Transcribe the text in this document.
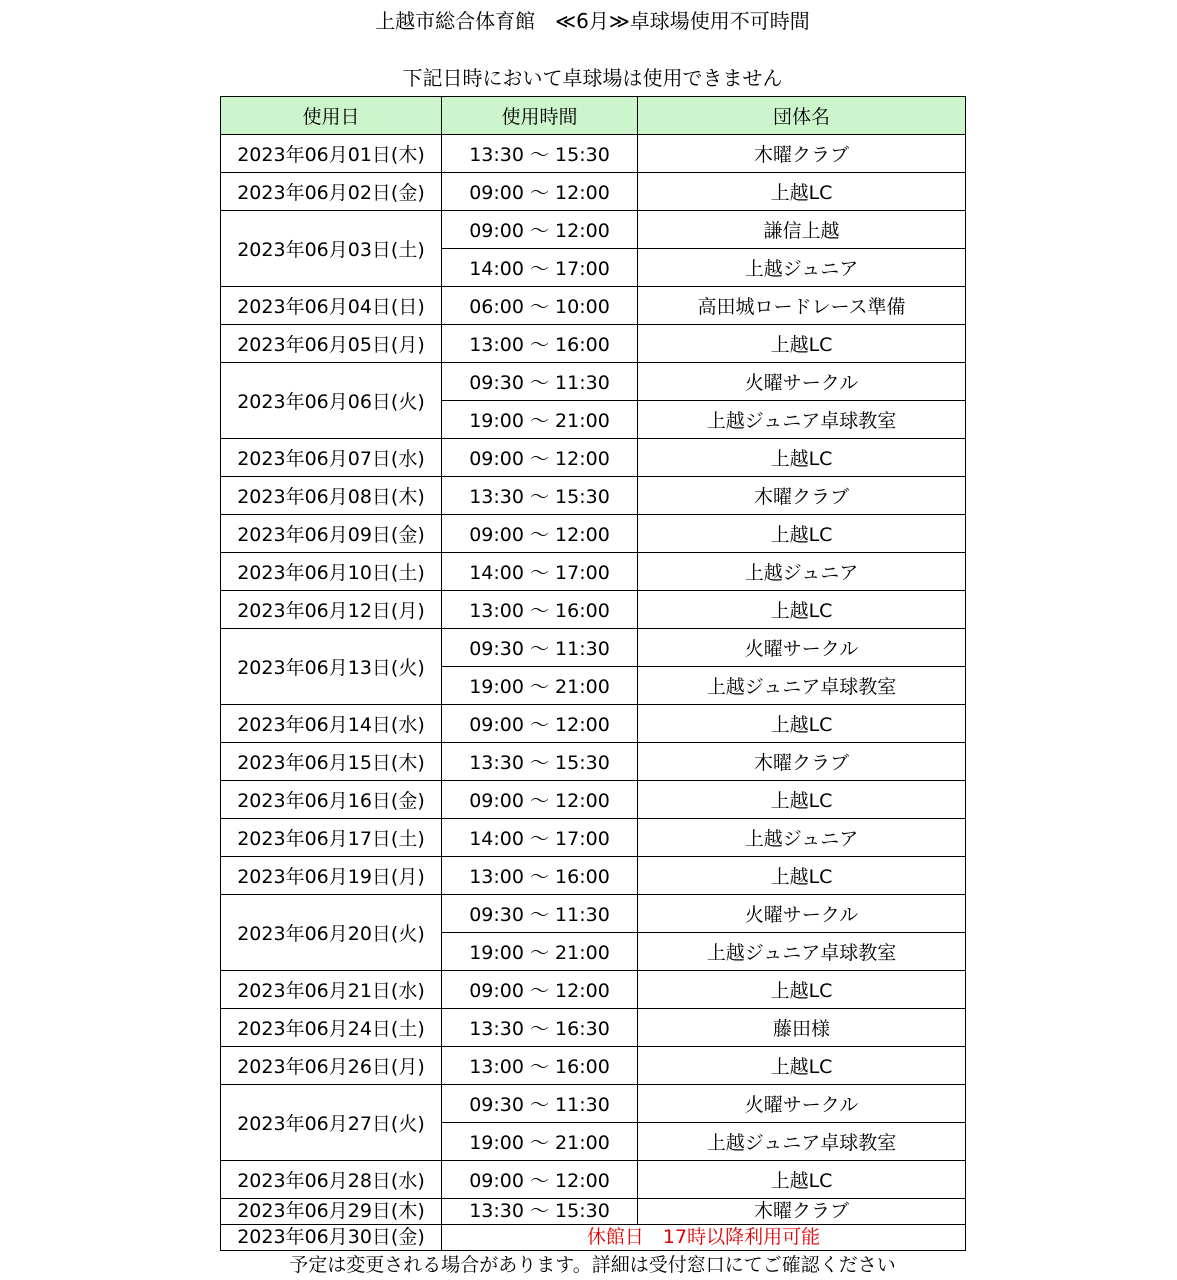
上越市総合体育館　≪6月≫卓球場使用不可時間
下記日時において卓球場は使用できません
使用日	使用時間	団体名
2023年06月01日(木)	13:30 ～ 15:30	木曜クラブ
2023年06月02日(金)	09:00 ～ 12:00	上越LC
2023年06月03日(土)	09:00 ～ 12:00	謙信上越
	14:00 ～ 17:00	上越ジュニア
2023年06月04日(日)	06:00 ～ 10:00	高田城ロードレース準備
2023年06月05日(月)	13:00 ～ 16:00	上越LC
2023年06月06日(火)	09:30 ～ 11:30	火曜サークル
	19:00 ～ 21:00	上越ジュニア卓球教室
2023年06月07日(水)	09:00 ～ 12:00	上越LC
2023年06月08日(木)	13:30 ～ 15:30	木曜クラブ
2023年06月09日(金)	09:00 ～ 12:00	上越LC
2023年06月10日(土)	14:00 ～ 17:00	上越ジュニア
2023年06月12日(月)	13:00 ～ 16:00	上越LC
2023年06月13日(火)	09:30 ～ 11:30	火曜サークル
	19:00 ～ 21:00	上越ジュニア卓球教室
2023年06月14日(水)	09:00 ～ 12:00	上越LC
2023年06月15日(木)	13:30 ～ 15:30	木曜クラブ
2023年06月16日(金)	09:00 ～ 12:00	上越LC
2023年06月17日(土)	14:00 ～ 17:00	上越ジュニア
2023年06月19日(月)	13:00 ～ 16:00	上越LC
2023年06月20日(火)	09:30 ～ 11:30	火曜サークル
	19:00 ～ 21:00	上越ジュニア卓球教室
2023年06月21日(水)	09:00 ～ 12:00	上越LC
2023年06月24日(土)	13:30 ～ 16:30	藤田様
2023年06月26日(月)	13:00 ～ 16:00	上越LC
2023年06月27日(火)	09:30 ～ 11:30	火曜サークル
	19:00 ～ 21:00	上越ジュニア卓球教室
2023年06月28日(水)	09:00 ～ 12:00	上越LC
2023年06月29日(木)	13:30 ～ 15:30	木曜クラブ
2023年06月30日(金)	休館日　17時以降利用可能	
予定は変更される場合があります。詳細は受付窓口にてご確認ください
